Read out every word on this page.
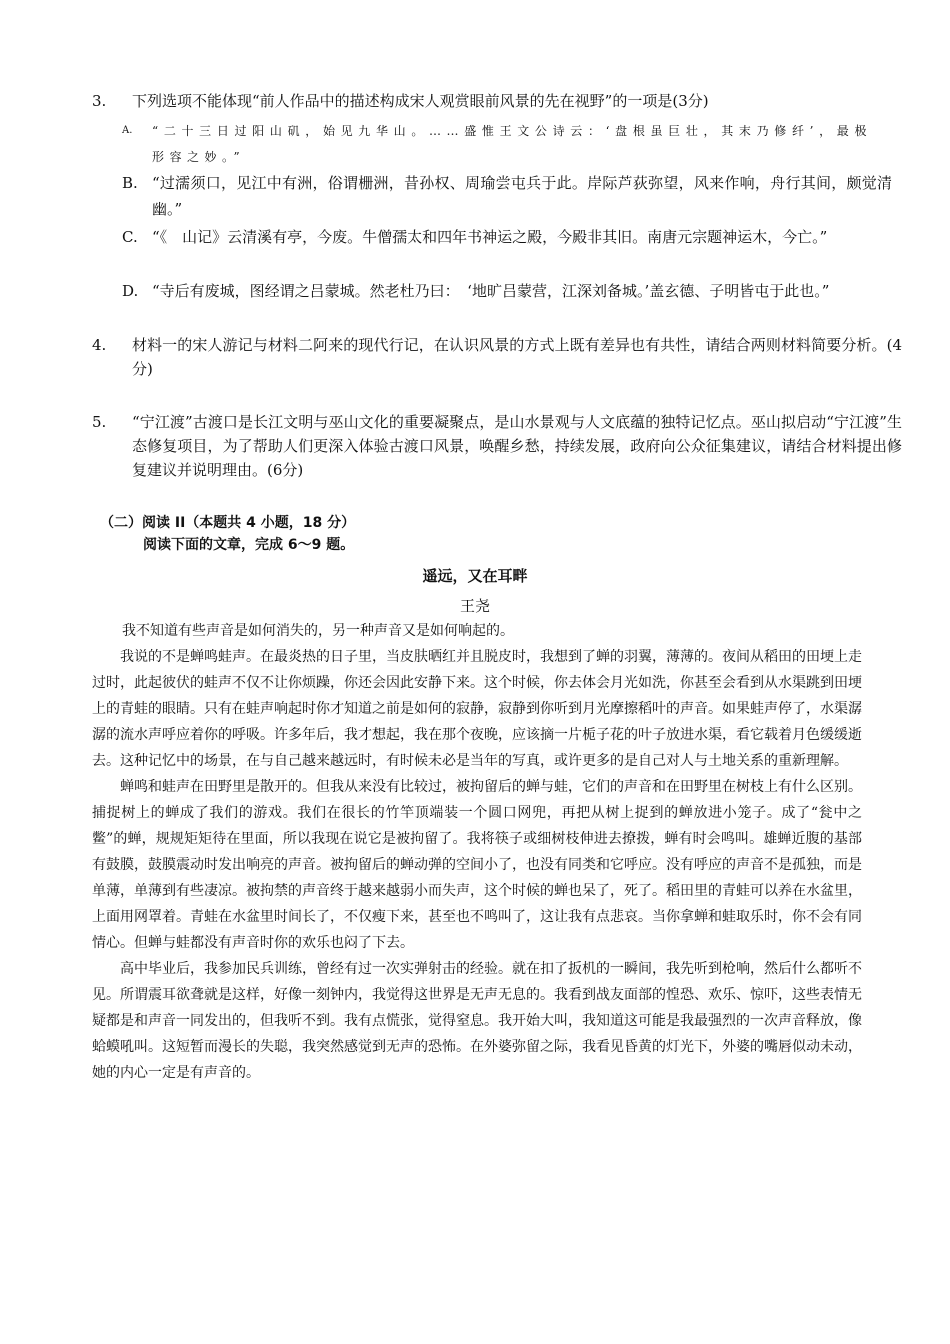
3. 下列选项不能体现“前人作品中的描述构成宋人观赏眼前风景的先在视野”的一项是(3分)
A. “二十三日过阳山矶，始见九华山。……盛惟王文公诗云：‘盘根虽巨壮，其末乃修纤’，最极形容之妙。”
B. “过濡须口，见江中有洲，俗谓栅洲，昔孙权、周瑜尝屯兵于此。岸际芦荻弥望，风来作响，舟行其间，颇觉清幽。”
C. “《　山记》云清溪有亭，今废。牛僧孺太和四年书神运之殿，今殿非其旧。南唐元宗题神运木，今亡。”
D. “寺后有废城，图经谓之吕蒙城。然老杜乃曰：　‘地旷吕蒙营，江深刘备城。’盖玄德、子明皆屯于此也。”
4. 材料一的宋人游记与材料二阿来的现代行记，在认识风景的方式上既有差异也有共性，请结合两则材料简要分析。(4分)
5. “宁江渡”古渡口是长江文明与巫山文化的重要凝聚点，是山水景观与人文底蕴的独特记忆点。巫山拟启动“宁江渡”生态修复项目，为了帮助人们更深入体验古渡口风景，唤醒乡愁，持续发展，政府向公众征集建议，请结合材料提出修复建议并说明理由。(6分)
（二）阅读 II（本题共 4 小题，18 分）
阅读下面的文章，完成 6～9 题。
遥远，又在耳畔
王尧

我不知道有些声音是如何消失的，另一种声音又是如何响起的。

我说的不是蝉鸣蛙声。在最炎热的日子里，当皮肤晒红并且脱皮时，我想到了蝉的羽翼，薄薄的。夜间从稻田的田埂上走过时，此起彼伏的蛙声不仅不让你烦躁，你还会因此安静下来。这个时候，你去体会月光如洗，你甚至会看到从水渠跳到田埂上的青蛙的眼睛。只有在蛙声响起时你才知道之前是如何的寂静，寂静到你听到月光摩擦稻叶的声音。如果蛙声停了，水渠潺潺的流水声呼应着你的呼吸。许多年后，我才想起，我在那个夜晚，应该摘一片栀子花的叶子放进水渠，看它载着月色缓缓逝去。这种记忆中的场景，在与自己越来越远时，有时候未必是当年的写真，或许更多的是自己对人与土地关系的重新理解。

蝉鸣和蛙声在田野里是散开的。但我从来没有比较过，被拘留后的蝉与蛙，它们的声音和在田野里在树枝上有什么区别。捕捉树上的蝉成了我们的游戏。我们在很长的竹竿顶端装一个圆口网兜，再把从树上捉到的蝉放进小笼子。成了“瓮中之鳖”的蝉，规规矩矩待在里面，所以我现在说它是被拘留了。我将筷子或细树枝伸进去撩拨，蝉有时会鸣叫。雄蝉近腹的基部有鼓膜，鼓膜震动时发出响亮的声音。被拘留后的蝉动弹的空间小了，也没有同类和它呼应。没有呼应的声音不是孤独，而是单薄，单薄到有些凄凉。被拘禁的声音终于越来越弱小而失声，这个时候的蝉也呆了，死了。稻田里的青蛙可以养在水盆里，上面用网罩着。青蛙在水盆里时间长了，不仅瘦下来，甚至也不鸣叫了，这让我有点悲哀。当你拿蝉和蛙取乐时，你不会有同情心。但蝉与蛙都没有声音时你的欢乐也闷了下去。

高中毕业后，我参加民兵训练，曾经有过一次实弹射击的经验。就在扣了扳机的一瞬间，我先听到枪响，然后什么都听不见。所谓震耳欲聋就是这样，好像一刻钟内，我觉得这世界是无声无息的。我看到战友面部的惶恐、欢乐、惊吓，这些表情无疑都是和声音一同发出的，但我听不到。我有点慌张，觉得窒息。我开始大叫，我知道这可能是我最强烈的一次声音释放，像蛤蟆吼叫。这短暂而漫长的失聪，我突然感觉到无声的恐怖。在外婆弥留之际，我看见昏黄的灯光下，外婆的嘴唇似动未动，她的内心一定是有声音的。
